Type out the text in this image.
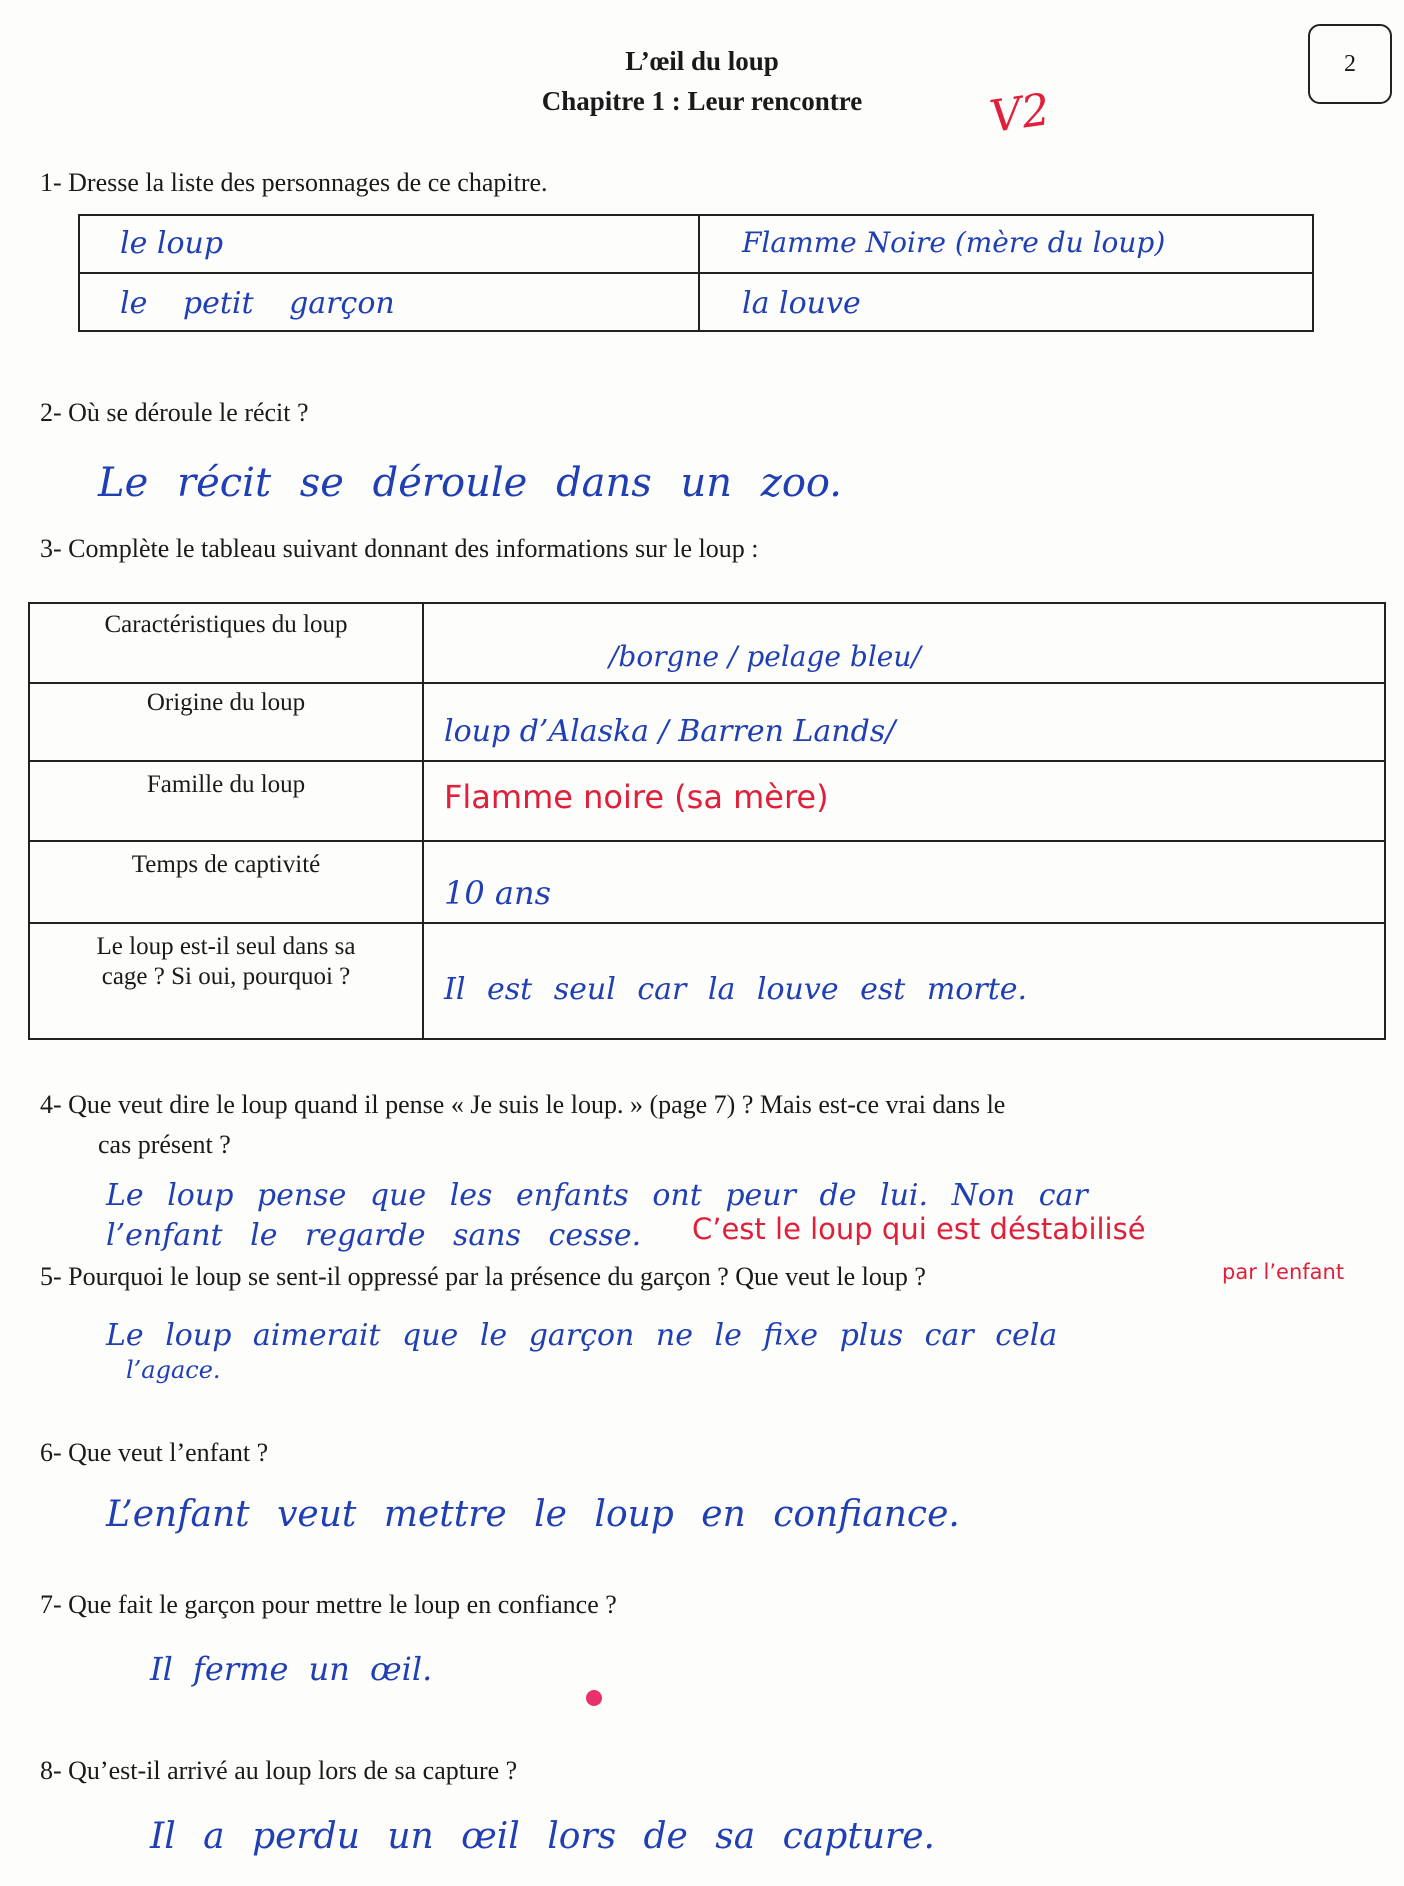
L’œil du loup
Chapitre 1 : Leur rencontre
2
V2
1- Dresse la liste des personnages de ce chapitre.
le loup	Flamme Noire (mère du loup)

le petit garçon	la louve
2- Où se déroule le récit ?
Le récit se déroule dans un zoo.
3- Complète le tableau suivant donnant des informations sur le loup :
Caractéristiques du loup	/borgne / pelage bleu/

Origine du loup	loup d’Alaska / Barren Lands/

Famille du loup	Flamme noire (sa mère)

Temps de captivité	10 ans

Le loup est-il seul dans sa
cage ? Si oui, pourquoi ?	Il est seul car la louve est morte.
4- Que veut dire le loup quand il pense « Je suis le loup. » (page 7) ? Mais est-ce vrai dans le
cas présent ?
Le loup pense que les enfants ont peur de lui. Non car
l’enfant le regarde sans cesse. C’est le loup qui est déstabilisé
par l’enfant
5- Pourquoi le loup se sent-il oppressé par la présence du garçon ? Que veut le loup ?
Le loup aimerait que le garçon ne le fixe plus car cela
l’agace.
6- Que veut l’enfant ?
L’enfant veut mettre le loup en confiance.
7- Que fait le garçon pour mettre le loup en confiance ?
Il ferme un œil.
8- Qu’est-il arrivé au loup lors de sa capture ?
Il a perdu un œil lors de sa capture.
